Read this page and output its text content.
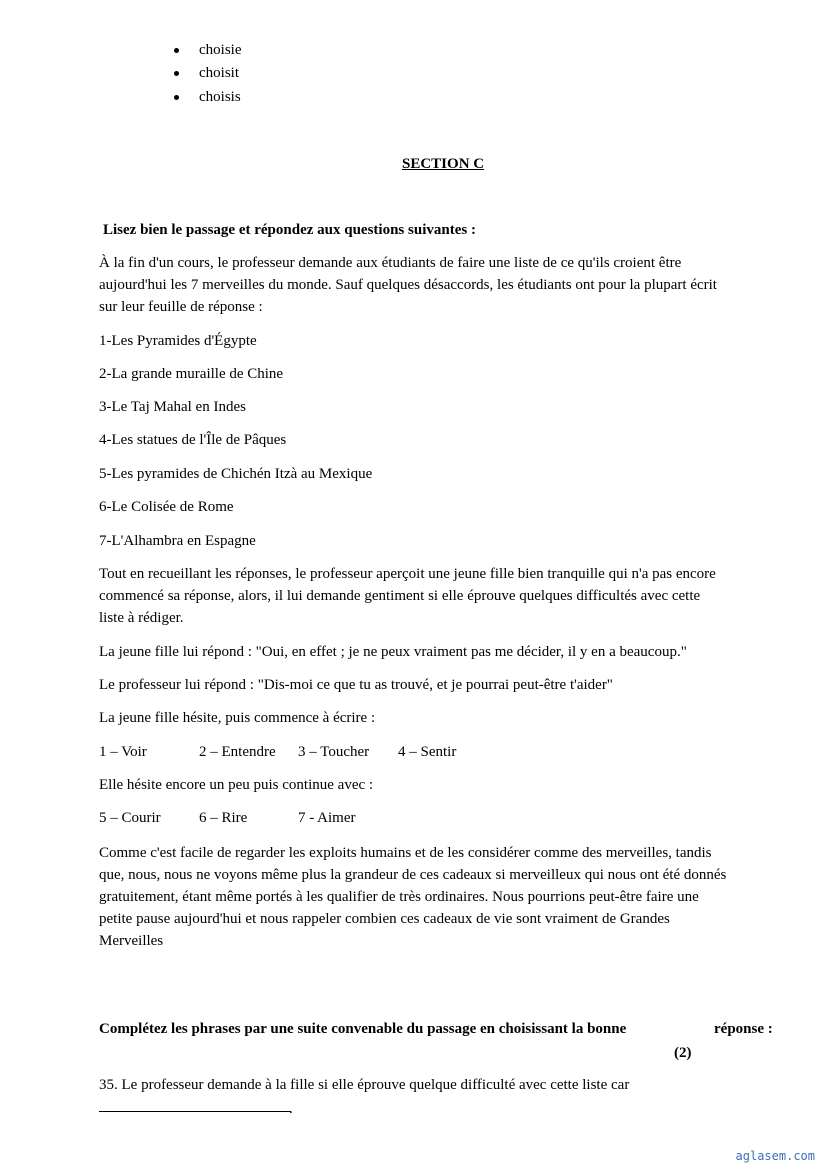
choisie
choisit
choisis
SECTION C
Lisez bien le passage et répondez aux questions suivantes :
À la fin d'un cours, le professeur demande aux étudiants de faire une liste de ce qu'ils croient être
aujourd'hui les 7 merveilles du monde. Sauf quelques désaccords, les étudiants ont pour la plupart écrit
sur leur feuille de réponse :
1-Les Pyramides d'Égypte
2-La grande muraille de Chine
3-Le Taj Mahal en Indes
4-Les statues de l'Île de Pâques
5-Les pyramides de Chichén Itzà au Mexique
6-Le Colisée de Rome
7-L'Alhambra en Espagne
Tout en recueillant les réponses, le professeur aperçoit une jeune fille bien tranquille qui n'a pas encore
commencé sa réponse, alors, il lui demande gentiment si elle éprouve quelques difficultés avec cette
liste à rédiger.
La jeune fille lui répond : "Oui, en effet ; je ne peux vraiment pas me décider, il y en a beaucoup."
Le professeur lui répond : "Dis-moi ce que tu as trouvé, et je pourrai peut-être t'aider"
La jeune fille hésite, puis commence à écrire :
1 – Voir	2 – Entendre 3 – Toucher 4 – Sentir
Elle hésite encore un peu puis continue avec :
5 – Courir	6 – Rire	7 - Aimer
Comme c'est facile de regarder les exploits humains et de les considérer comme des merveilles, tandis
que, nous, nous ne voyons même plus la grandeur de ces cadeaux si merveilleux qui nous ont été donnés
gratuitement, étant même portés à les qualifier de très ordinaires. Nous pourrions peut-être faire une
petite pause aujourd'hui et nous rappeler combien ces cadeaux de vie sont vraiment de Grandes
Merveilles
Complétez les phrases par une suite convenable du passage en choisissant la bonne	réponse :
(2)
35. Le professeur demande à la fille si elle éprouve quelque difficulté avec cette liste car
.
aglasem.com
